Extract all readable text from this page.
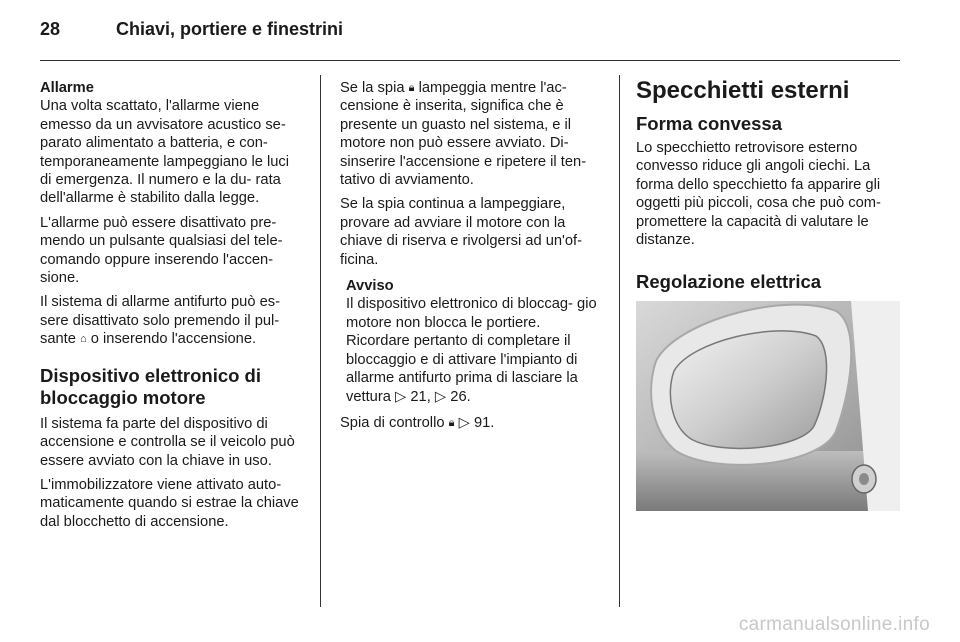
28	Chiavi, portiere e finestrini
Allarme

Una volta scattato, l'allarme viene emesso da un avvisatore acustico se- parato alimentato a batteria, e con- temporaneamente lampeggiano le luci di emergenza. Il numero e la du- rata dell'allarme è stabilito dalla legge.

L'allarme può essere disattivato pre- mendo un pulsante qualsiasi del tele- comando oppure inserendo l'accen- sione.

Il sistema di allarme antifurto può es- sere disattivato solo premendo il pul- sante ⌂ o inserendo l'accensione.

Dispositivo elettronico di bloccaggio motore

Il sistema fa parte del dispositivo di accensione e controlla se il veicolo può essere avviato con la chiave in uso.

L'immobilizzatore viene attivato auto- maticamente quando si estrae la chiave dal blocchetto di accensione.

Se la spia 🔒︎ lampeggia mentre l'ac- censione è inserita, significa che è presente un guasto nel sistema, e il motore non può essere avviato. Di- sinserire l'accensione e ripetere il ten- tativo di avviamento.

Se la spia continua a lampeggiare, provare ad avviare il motore con la chiave di riserva e rivolgersi ad un'of- ficina.

Avviso

Il dispositivo elettronico di bloccag- gio motore non blocca le portiere. Ricordare pertanto di completare il bloccaggio e di attivare l'impianto di allarme antifurto prima di lasciare la vettura ▷ 21, ▷ 26.

Spia di controllo 🔒︎ ▷ 91.

Specchietti esterni
Forma convessa

Lo specchietto retrovisore esterno convesso riduce gli angoli ciechi. La forma dello specchietto fa apparire gli oggetti più piccoli, cosa che può com- promettere la capacità di valutare le distanze.

Regolazione elettrica
carmanualsonline.info
